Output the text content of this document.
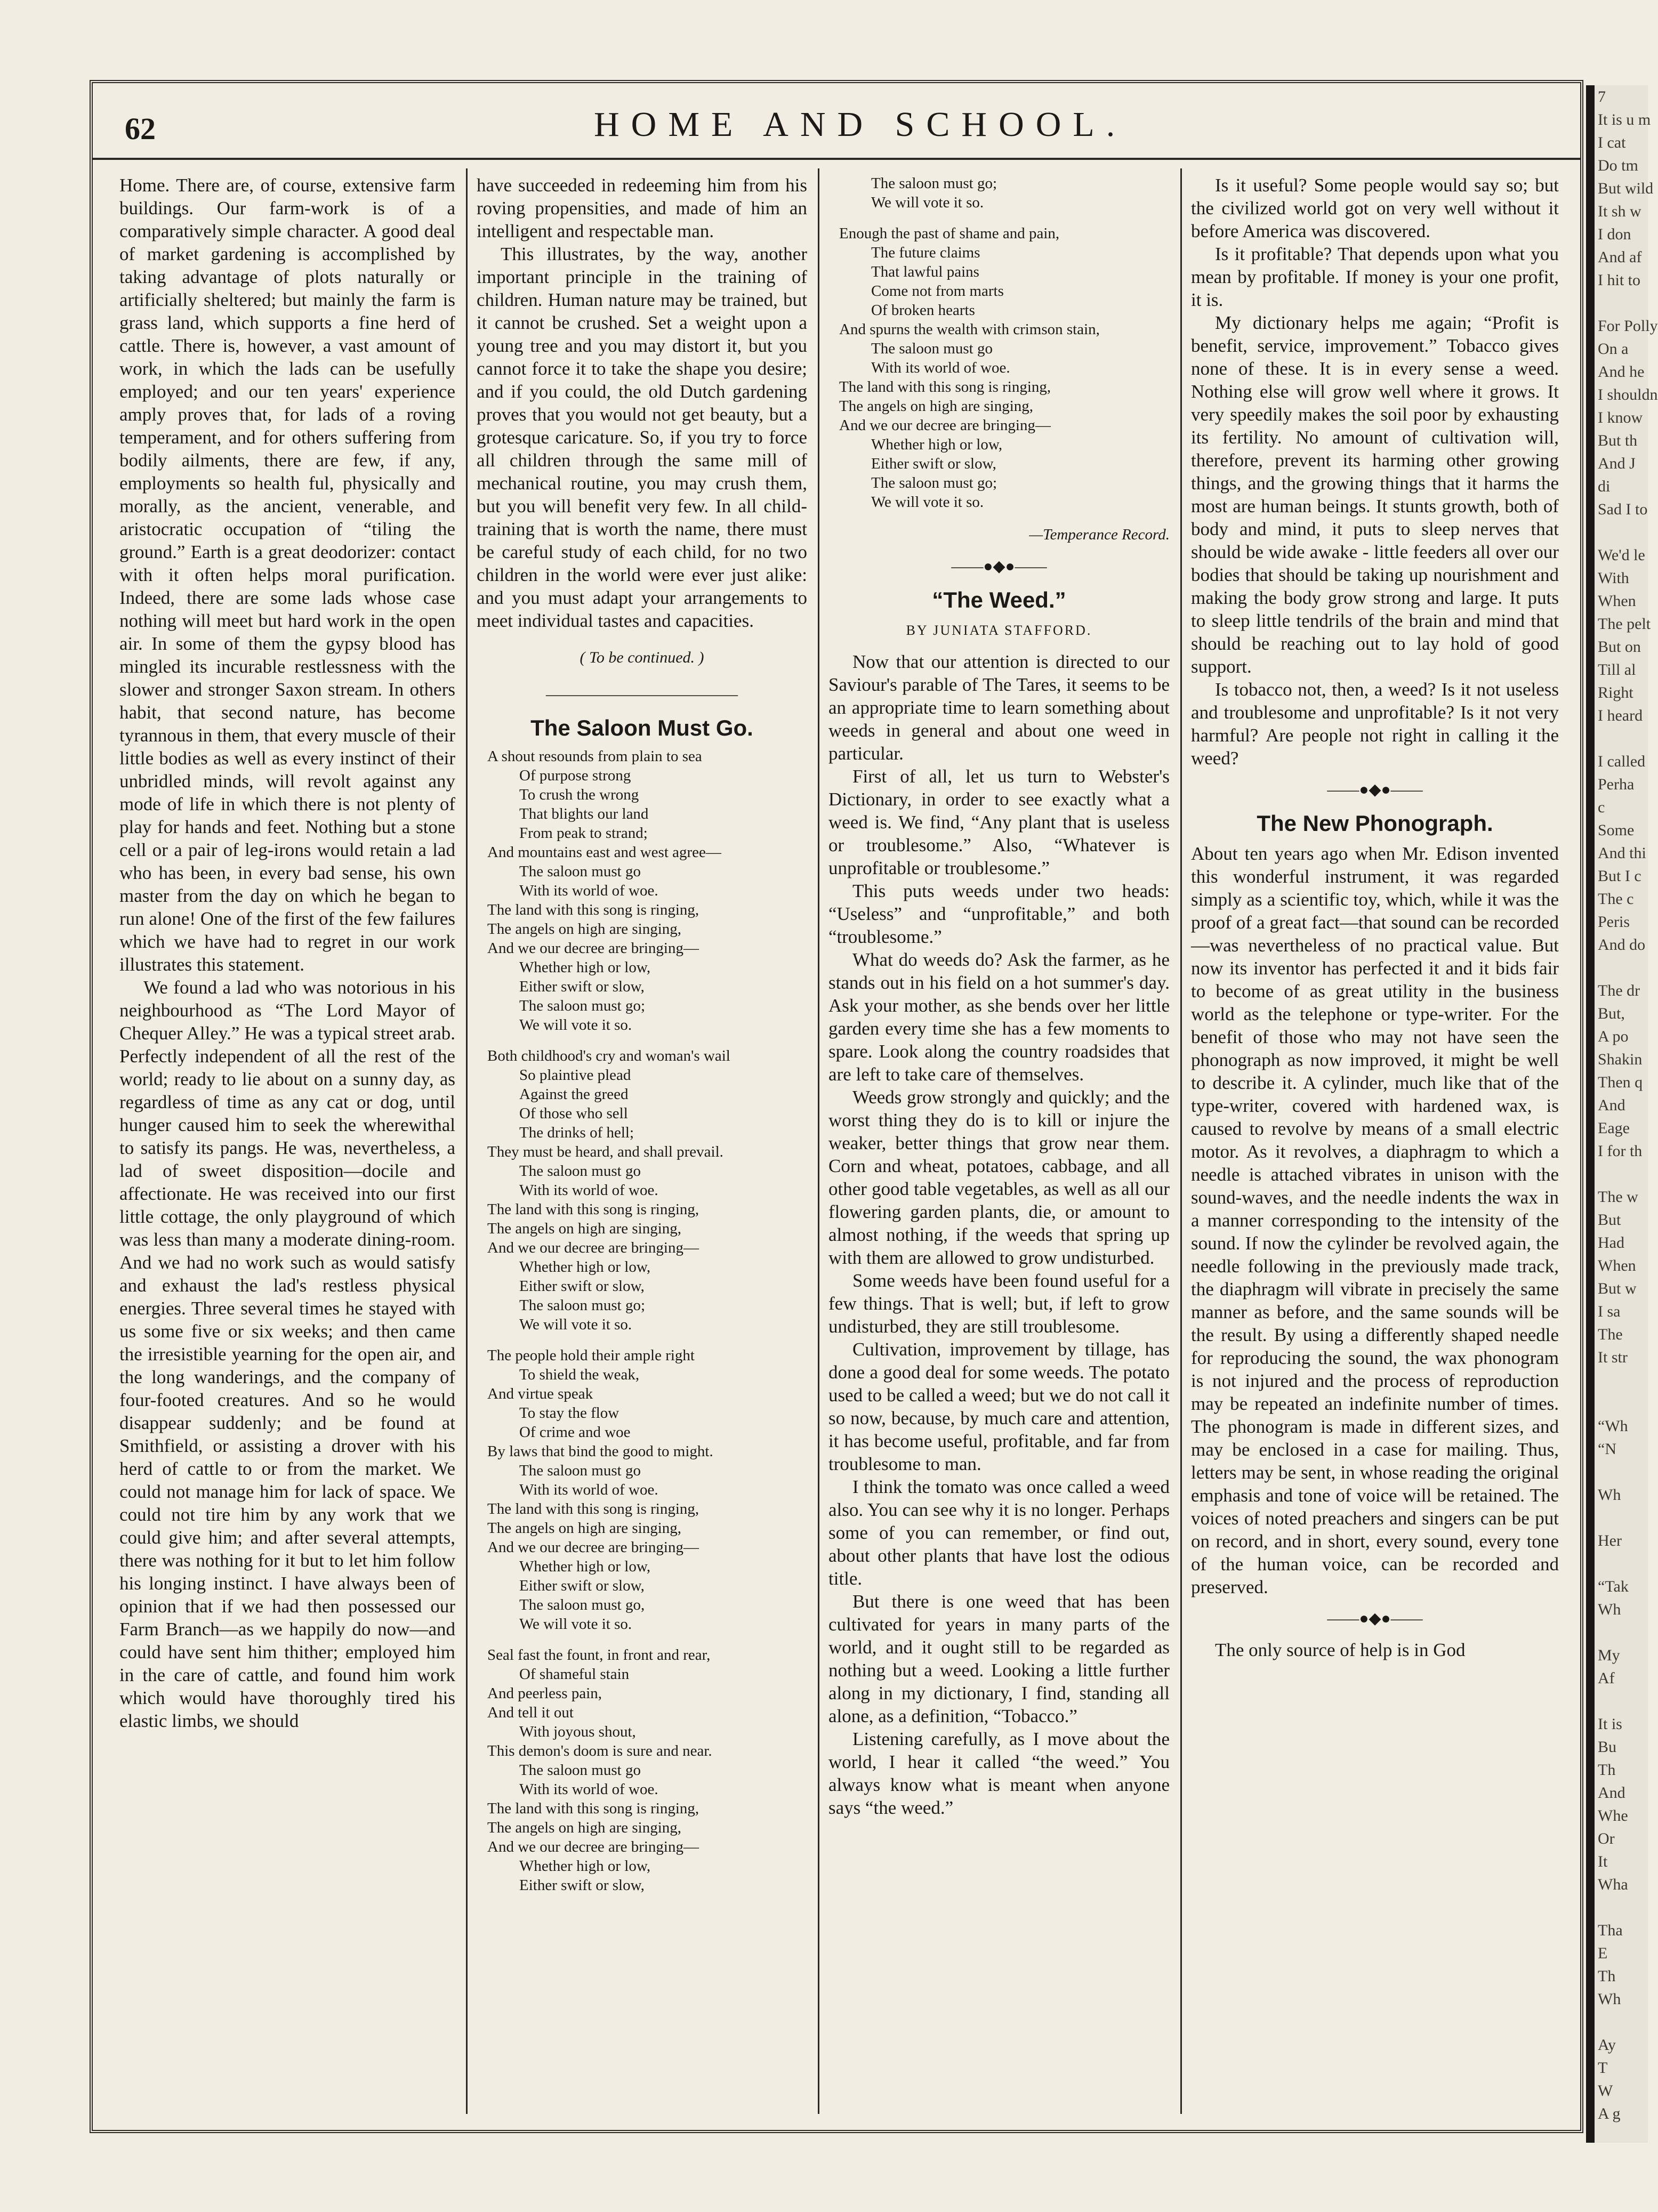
62	HOME AND SCHOOL.

Home. There are, of course, extensive farm buildings. Our farm-work is of a comparatively simple character. A good deal of market gardening is accomplished by taking advantage of plots naturally or artificially sheltered; but mainly the farm is grass land, which supports a fine herd of cattle. There is, however, a vast amount of work, in which the lads can be usefully employed; and our ten years' experience amply proves that, for lads of a roving temperament, and for others suffering from bodily ailments, there are few, if any, employments so health ful, physically and morally, as the ancient, venerable, and aristocratic occupation of “tiling the ground.” Earth is a great deodorizer: contact with it often helps moral purification. Indeed, there are some lads whose case nothing will meet but hard work in the open air. In some of them the gypsy blood has mingled its incurable restlessness with the slower and stronger Saxon stream. In others habit, that second nature, has become tyrannous in them, that every muscle of their little bodies as well as every instinct of their unbridled minds, will revolt against any mode of life in which there is not plenty of play for hands and feet. Nothing but a stone cell or a pair of leg-irons would retain a lad who has been, in every bad sense, his own master from the day on which he began to run alone! One of the first of the few failures which we have had to regret in our work illustrates this statement.

We found a lad who was notorious in his neighbourhood as “The Lord Mayor of Chequer Alley.” He was a typical street arab. Perfectly independent of all the rest of the world; ready to lie about on a sunny day, as regardless of time as any cat or dog, until hunger caused him to seek the wherewithal to satisfy its pangs. He was, nevertheless, a lad of sweet disposition—docile and affectionate. He was received into our first little cottage, the only playground of which was less than many a moderate dining-room. And we had no work such as would satisfy and exhaust the lad's restless physical energies. Three several times he stayed with us some five or six weeks; and then came the irresistible yearning for the open air, and the long wanderings, and the company of four-footed creatures. And so he would disappear suddenly; and be found at Smithfield, or assisting a drover with his herd of cattle to or from the market. We could not manage him for lack of space. We could not tire him by any work that we could give him; and after several attempts, there was nothing for it but to let him follow his longing instinct. I have always been of opinion that if we had then possessed our Farm Branch—as we happily do now—and could have sent him thither; employed him in the care of cattle, and found him work which would have thoroughly tired his elastic limbs, we should

have succeeded in redeeming him from his roving propensities, and made of him an intelligent and respectable man.

This illustrates, by the way, another important principle in the training of children. Human nature may be trained, but it cannot be crushed. Set a weight upon a young tree and you may distort it, but you cannot force it to take the shape you desire; and if you could, the old Dutch gardening proves that you would not get beauty, but a grotesque caricature. So, if you try to force all children through the same mill of mechanical routine, you may crush them, but you will benefit very few. In all child-training that is worth the name, there must be careful study of each child, for no two children in the world were ever just alike: and you must adapt your arrangements to meet individual tastes and capacities.

( To be continued. )
————————————
The Saloon Must Go.
A shout resounds from plain to sea
Of purpose strong
To crush the wrong
That blights our land
From peak to strand;
And mountains east and west agree—
The saloon must go
With its world of woe.
The land with this song is ringing,
The angels on high are singing,
And we our decree are bringing—
Whether high or low,
Either swift or slow,
The saloon must go;
We will vote it so.
Both childhood's cry and woman's wail
So plaintive plead
Against the greed
Of those who sell
The drinks of hell;
They must be heard, and shall prevail.
The saloon must go
With its world of woe.
The land with this song is ringing,
The angels on high are singing,
And we our decree are bringing—
Whether high or low,
Either swift or slow,
The saloon must go;
We will vote it so.
The people hold their ample right
To shield the weak,
And virtue speak
To stay the flow
Of crime and woe
By laws that bind the good to might.
The saloon must go
With its world of woe.
The land with this song is ringing,
The angels on high are singing,
And we our decree are bringing—
Whether high or low,
Either swift or slow,
The saloon must go,
We will vote it so.
Seal fast the fount, in front and rear,
Of shameful stain
And peerless pain,
And tell it out
With joyous shout,
This demon's doom is sure and near.
The saloon must go
With its world of woe.
The land with this song is ringing,
The angels on high are singing,
And we our decree are bringing—
Whether high or low,
Either swift or slow,
The saloon must go;
We will vote it so.
Enough the past of shame and pain,
The future claims
That lawful pains
Come not from marts
Of broken hearts
And spurns the wealth with crimson stain,
The saloon must go
With its world of woe.
The land with this song is ringing,
The angels on high are singing,
And we our decree are bringing—
Whether high or low,
Either swift or slow,
The saloon must go;
We will vote it so.
—Temperance Record.
——●◆●——
“The Weed.”
BY JUNIATA STAFFORD.

Now that our attention is directed to our Saviour's parable of The Tares, it seems to be an appropriate time to learn something about weeds in general and about one weed in particular.

First of all, let us turn to Webster's Dictionary, in order to see exactly what a weed is. We find, “Any plant that is useless or troublesome.” Also, “Whatever is unprofitable or troublesome.”

This puts weeds under two heads: “Useless” and “unprofitable,” and both “troublesome.”

What do weeds do? Ask the farmer, as he stands out in his field on a hot summer's day. Ask your mother, as she bends over her little garden every time she has a few moments to spare. Look along the country roadsides that are left to take care of themselves.

Weeds grow strongly and quickly; and the worst thing they do is to kill or injure the weaker, better things that grow near them. Corn and wheat, potatoes, cabbage, and all other good table vegetables, as well as all our flowering garden plants, die, or amount to almost nothing, if the weeds that spring up with them are allowed to grow undisturbed.

Some weeds have been found useful for a few things. That is well; but, if left to grow undisturbed, they are still troublesome.

Cultivation, improvement by tillage, has done a good deal for some weeds. The potato used to be called a weed; but we do not call it so now, because, by much care and attention, it has become useful, profitable, and far from troublesome to man.

I think the tomato was once called a weed also. You can see why it is no longer. Perhaps some of you can remember, or find out, about other plants that have lost the odious title.

But there is one weed that has been cultivated for years in many parts of the world, and it ought still to be regarded as nothing but a weed. Looking a little further along in my dictionary, I find, standing all alone, as a definition, “Tobacco.”

Listening carefully, as I move about the world, I hear it called “the weed.” You always know what is meant when anyone says “the weed.”

Is it useful? Some people would say so; but the civilized world got on very well without it before America was discovered.

Is it profitable? That depends upon what you mean by profitable. If money is your one profit, it is.

My dictionary helps me again; “Profit is benefit, service, improvement.” Tobacco gives none of these. It is in every sense a weed. Nothing else will grow well where it grows. It very speedily makes the soil poor by exhausting its fertility. No amount of cultivation will, therefore, prevent its harming other growing things, and the growing things that it harms the most are human beings. It stunts growth, both of body and mind, it puts to sleep nerves that should be wide awake - little feeders all over our bodies that should be taking up nourishment and making the body grow strong and large. It puts to sleep little tendrils of the brain and mind that should be reaching out to lay hold of good support.

Is tobacco not, then, a weed? Is it not useless and troublesome and unprofitable? Is it not very harmful? Are people not right in calling it the weed?

——●◆●——
The New Phonograph.

About ten years ago when Mr. Edison invented this wonderful instrument, it was regarded simply as a scientific toy, which, while it was the proof of a great fact—that sound can be recorded—was nevertheless of no practical value. But now its inventor has perfected it and it bids fair to become of as great utility in the business world as the telephone or type-writer. For the benefit of those who may not have seen the phonograph as now improved, it might be well to describe it. A cylinder, much like that of the type-writer, covered with hardened wax, is caused to revolve by means of a small electric motor. As it revolves, a diaphragm to which a needle is attached vibrates in unison with the sound-waves, and the needle indents the wax in a manner corresponding to the intensity of the sound. If now the cylinder be revolved again, the needle following in the previously made track, the diaphragm will vibrate in precisely the same manner as before, and the same sounds will be the result. By using a differently shaped needle for reproducing the sound, the wax phonogram is not injured and the process of reproduction may be repeated an indefinite number of times. The phonogram is made in different sizes, and may be enclosed in a case for mailing. Thus, letters may be sent, in whose reading the original emphasis and tone of voice will be retained. The voices of noted preachers and singers can be put on record, and in short, every sound, every tone of the human voice, can be recorded and preserved.

——●◆●——

The only source of help is in God

7
It is u m
I cat
Do tm
But wild
It sh w
I don
And af
I hit to

For Polly
On a
And he
I shouldn
I know
But th
And J
di
Sad I to

We'd le
With
When
The pelt
But on
Till al
Right
I heard

I called
Perha
c
Some
And thi
But I c
The c
Peris
And do

The dr
But,
A po
Shakin
Then q
And
Eage
I for th

The w
But
Had
When
But w
I sa
The
It str

“Wh
“N

Wh

Her

“Tak
Wh

My
Af

It is
Bu
Th
And
Whe
Or
It
Wha

Tha
E
Th
Wh

Ay
T
W
A g
